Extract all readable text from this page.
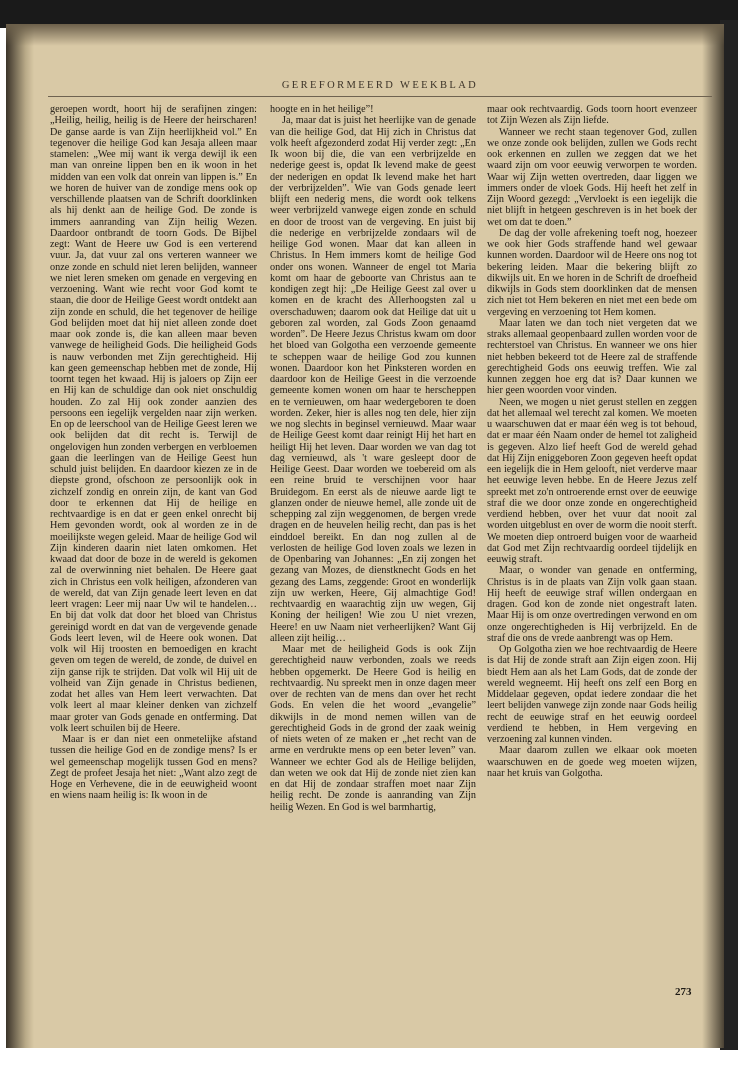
GEREFORMEERD WEEKBLAD

geroepen wordt, hoort hij de serafijnen zingen: „Heilig, heilig, heilig is de Heere der heirscharen! De ganse aarde is van Zijn heerlijkheid vol.” En tegenover die heilige God kan Jesaja alleen maar stamelen: „Wee mij want ik verga dewijl ik een man van onreine lippen ben en ik woon in het midden van een volk dat onrein van lippen is.” En we horen de huiver van de zondige mens ook op verschillende plaatsen van de Schrift doorklinken als hij denkt aan de heilige God. De zonde is immers aanranding van Zijn heilig Wezen. Daardoor ontbrandt de toorn Gods. De Bijbel zegt: Want de Heere uw God is een verterend vuur. Ja, dat vuur zal ons verteren wanneer we onze zonde en schuld niet leren belijden, wanneer we niet leren smeken om genade en vergeving en verzoening. Want wie recht voor God komt te staan, die door de Heilige Geest wordt ontdekt aan zijn zonde en schuld, die het tegenover de heilige God belijden moet dat hij niet alleen zonde doet maar ook zonde is, die kan alleen maar beven vanwege de heiligheid Gods. Die heiligheid Gods is nauw verbonden met Zijn gerechtigheid. Hij kan geen gemeenschap hebben met de zonde, Hij toornt tegen het kwaad. Hij is jaloers op Zijn eer en Hij kan de schuldige dan ook niet onschuldig houden. Zo zal Hij ook zonder aanzien des persoons een iegelijk vergelden naar zijn werken. En op de leerschool van de Heilige Geest leren we ook belijden dat dit recht is. Terwijl de ongelovigen hun zonden verbergen en verbloemen gaan die leerlingen van de Heilige Geest hun schuld juist belijden. En daardoor kiezen ze in de diepste grond, ofschoon ze persoonlijk ook in zichzelf zondig en onrein zijn, de kant van God door te erkennen dat Hij de heilige en rechtvaardige is en dat er geen enkel onrecht bij Hem gevonden wordt, ook al worden ze in de moeilijkste wegen geleid. Maar de heilige God wil Zijn kinderen daarin niet laten omkomen. Het kwaad dat door de boze in de wereld is gekomen zal de overwinning niet behalen. De Heere gaat zich in Christus een volk heiligen, afzonderen van de wereld, dat van Zijn genade leert leven en dat leert vragen: Leer mij naar Uw wil te handelen… En bij dat volk dat door het bloed van Christus gereinigd wordt en dat van de vergevende genade Gods leert leven, wil de Heere ook wonen. Dat volk wil Hij troosten en bemoedigen en kracht geven om tegen de wereld, de zonde, de duivel en zijn ganse rijk te strijden. Dat volk wil Hij uit de volheid van Zijn genade in Christus bedienen, zodat het alles van Hem leert verwachten. Dat volk leert al maar kleiner denken van zichzelf maar groter van Gods genade en ontferming. Dat volk leert schuilen bij de Heere.

Maar is er dan niet een onmetelijke afstand tussen die heilige God en de zondige mens? Is er wel gemeenschap mogelijk tussen God en mens? Zegt de profeet Jesaja het niet: „Want alzo zegt de Hoge en Verhevene, die in de eeuwigheid woont en wiens naam heilig is: Ik woon in de

hoogte en in het heilige”!

Ja, maar dat is juist het heerlijke van de genade van die heilige God, dat Hij zich in Christus dat volk heeft afgezonderd zodat Hij verder zegt: „En Ik woon bij die, die van een verbrijzelde en nederige geest is, opdat Ik levend make de geest der nederigen en opdat Ik levend make het hart der verbrijzelden”. Wie van Gods genade leert blijft een nederig mens, die wordt ook telkens weer verbrijzeld vanwege eigen zonde en schuld en door de troost van de vergeving. En juist bij die nederige en verbrijzelde zondaars wil de heilige God wonen. Maar dat kan alleen in Christus. In Hem immers komt de heilige God onder ons wonen. Wanneer de engel tot Maria komt om haar de geboorte van Christus aan te kondigen zegt hij: „De Heilige Geest zal over u komen en de kracht des Allerhoogsten zal u overschaduwen; daarom ook dat Heilige dat uit u geboren zal worden, zal Gods Zoon genaamd worden”. De Heere Jezus Christus kwam om door het bloed van Golgotha een verzoende gemeente te scheppen waar de heilige God zou kunnen wonen. Daardoor kon het Pinksteren worden en daardoor kon de Heilige Geest in die verzoende gemeente komen wonen om haar te herscheppen en te vernieuwen, om haar wedergeboren te doen worden. Zeker, hier is alles nog ten dele, hier zijn we nog slechts in beginsel vernieuwd. Maar waar de Heilige Geest komt daar reinigt Hij het hart en heiligt Hij het leven. Daar worden we van dag tot dag vernieuwd, als 't ware gesleept door de Heilige Geest. Daar worden we toebereid om als een reine bruid te verschijnen voor haar Bruidegom. En eerst als de nieuwe aarde ligt te glanzen onder de nieuwe hemel, alle zonde uit de schepping zal zijn weggenomen, de bergen vrede dragen en de heuvelen heilig recht, dan pas is het einddoel bereikt. En dan nog zullen al de verlosten de heilige God loven zoals we lezen in de Openbaring van Johannes: „En zij zongen het gezang van Mozes, de dienstknecht Gods en het gezang des Lams, zeggende: Groot en wonderlijk zijn uw werken, Heere, Gij almachtige God! rechtvaardig en waarachtig zijn uw wegen, Gij Koning der heiligen! Wie zou U niet vrezen, Heere! en uw Naam niet verheerlijken? Want Gij alleen zijt heilig…

Maar met de heiligheid Gods is ook Zijn gerechtigheid nauw verbonden, zoals we reeds hebben opgemerkt. De Heere God is heilig en rechtvaardig. Nu spreekt men in onze dagen meer over de rechten van de mens dan over het recht Gods. En velen die het woord „evangelie” dikwijls in de mond nemen willen van de gerechtigheid Gods in de grond der zaak weinig of niets weten of ze maken er „het recht van de arme en verdrukte mens op een beter leven” van. Wanneer we echter God als de Heilige belijden, dan weten we ook dat Hij de zonde niet zien kan en dat Hij de zondaar straffen moet naar Zijn heilig recht. De zonde is aanranding van Zijn heilig Wezen. En God is wel barmhartig,

maar ook rechtvaardig. Gods toorn hoort evenzeer tot Zijn Wezen als Zijn liefde.

Wanneer we recht staan tegenover God, zullen we onze zonde ook belijden, zullen we Gods recht ook erkennen en zullen we zeggen dat we het waard zijn om voor eeuwig verworpen te worden. Waar wij Zijn wetten overtreden, daar liggen we immers onder de vloek Gods. Hij heeft het zelf in Zijn Woord gezegd: „Vervloekt is een iegelijk die niet blijft in hetgeen geschreven is in het boek der wet om dat te doen.”

De dag der volle afrekening toeft nog, hoezeer we ook hier Gods straffende hand wel gewaar kunnen worden. Daardoor wil de Heere ons nog tot bekering leiden. Maar die bekering blijft zo dikwijls uit. En we horen in de Schrift de droefheid dikwijls in Gods stem doorklinken dat de mensen zich niet tot Hem bekeren en niet met een bede om vergeving en verzoening tot Hem komen.

Maar laten we dan toch niet vergeten dat we straks allemaal geopenbaard zullen worden voor de rechterstoel van Christus. En wanneer we ons hier niet hebben bekeerd tot de Heere zal de straffende gerechtigheid Gods ons eeuwig treffen. Wie zal kunnen zeggen hoe erg dat is? Daar kunnen we hier geen woorden voor vinden.

Neen, we mogen u niet gerust stellen en zeggen dat het allemaal wel terecht zal komen. We moeten u waarschuwen dat er maar één weg is tot behoud, dat er maar één Naam onder de hemel tot zaligheid is gegeven. Alzo lief heeft God de wereld gehad dat Hij Zijn eniggeboren Zoon gegeven heeft opdat een iegelijk die in Hem gelooft, niet verderve maar het eeuwige leven hebbe. En de Heere Jezus zelf spreekt met zo'n ontroerende ernst over de eeuwige straf die we door onze zonde en ongerechtigheid verdiend hebben, over het vuur dat nooit zal worden uitgeblust en over de worm die nooit sterft. We moeten diep ontroerd buigen voor de waarheid dat God met Zijn rechtvaardig oordeel tijdelijk en eeuwig straft.

Maar, o wonder van genade en ontferming, Christus is in de plaats van Zijn volk gaan staan. Hij heeft de eeuwige straf willen ondergaan en dragen. God kon de zonde niet ongestraft laten. Maar Hij is om onze overtredingen verwond en om onze ongerechtigheden is Hij verbrijzeld. En de straf die ons de vrede aanbrengt was op Hem.

Op Golgotha zien we hoe rechtvaardig de Heere is dat Hij de zonde straft aan Zijn eigen zoon. Hij biedt Hem aan als het Lam Gods, dat de zonde der wereld wegneemt. Hij heeft ons zelf een Borg en Middelaar gegeven, opdat iedere zondaar die het leert belijden vanwege zijn zonde naar Gods heilig recht de eeuwige straf en het eeuwig oordeel verdiend te hebben, in Hem vergeving en verzoening zal kunnen vinden.

Maar daarom zullen we elkaar ook moeten waarschuwen en de goede weg moeten wijzen, naar het kruis van Golgotha.

273
